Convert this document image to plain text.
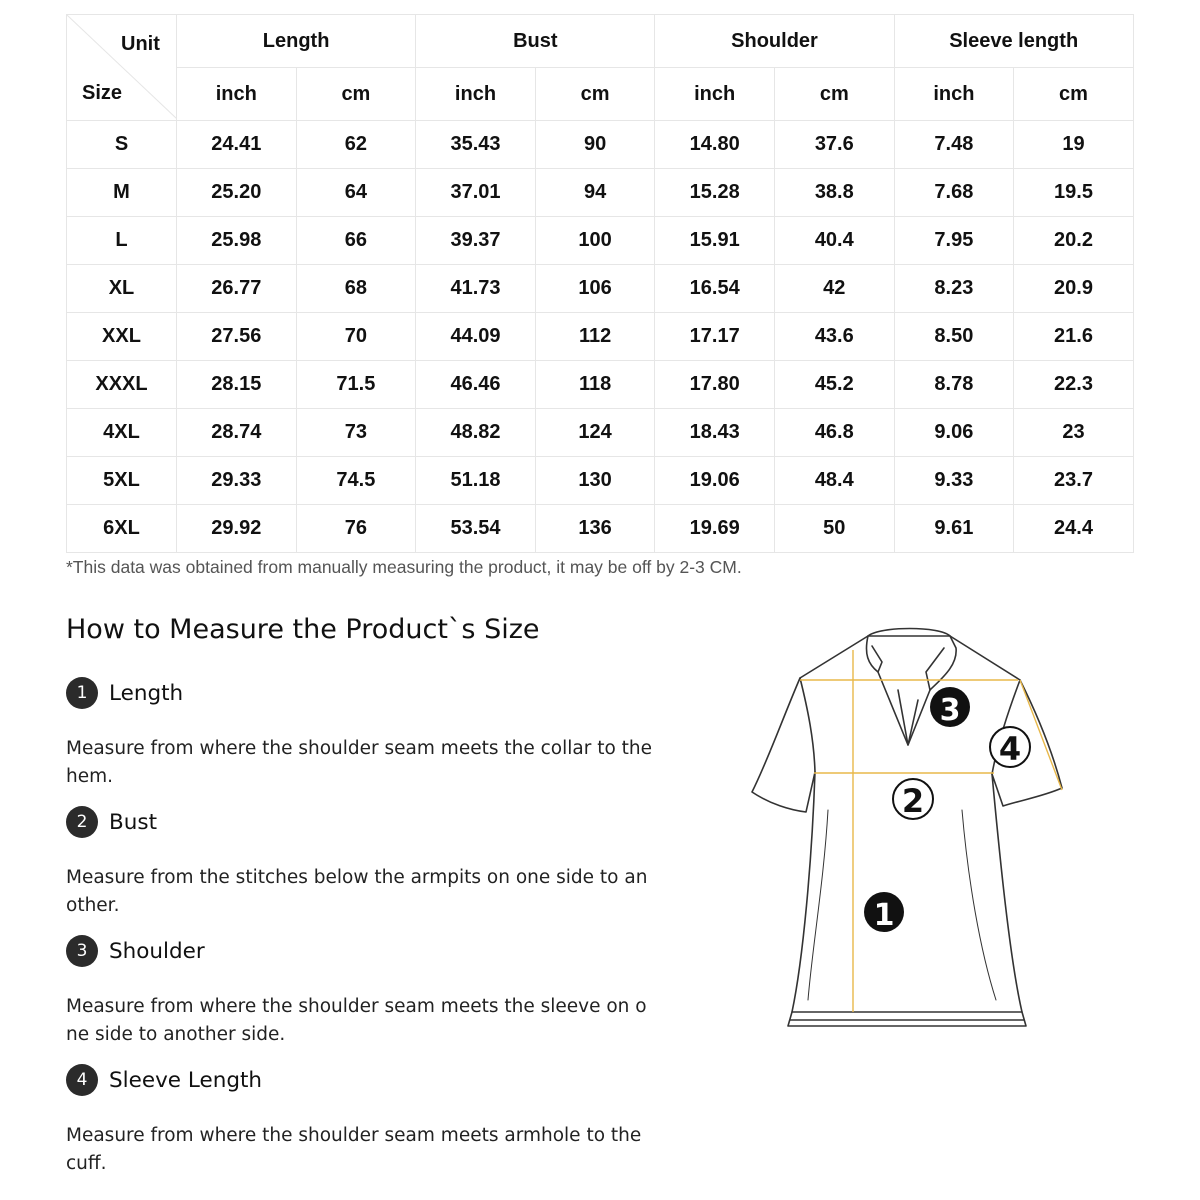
Unit
Size	Length		Bust		Shoulder		Sleeve length	
	inch	cm	inch	cm	inch	cm	inch	cm
S	24.41	62	35.43	90	14.80	37.6	7.48	19
M	25.20	64	37.01	94	15.28	38.8	7.68	19.5
L	25.98	66	39.37	100	15.91	40.4	7.95	20.2
XL	26.77	68	41.73	106	16.54	42	8.23	20.9
XXL	27.56	70	44.09	112	17.17	43.6	8.50	21.6
XXXL	28.15	71.5	46.46	118	17.80	45.2	8.78	22.3
4XL	28.74	73	48.82	124	18.43	46.8	9.06	23
5XL	29.33	74.5	51.18	130	19.06	48.4	9.33	23.7
6XL	29.92	76	53.54	136	19.69	50	9.61	24.4
*This data was obtained from manually measuring the product, it may be off by 2-3 CM.
How to Measure the Product`s Size
1	Length
Measure from where the shoulder seam meets the collar to the hem.
2	Bust
Measure from the stitches below the armpits on one side to an other.
3	Shoulder
Measure from where the shoulder seam meets the sleeve on o ne side to another side.
4	Sleeve Length
Measure from where the shoulder seam meets armhole to the cuff.
3
4
2
1
